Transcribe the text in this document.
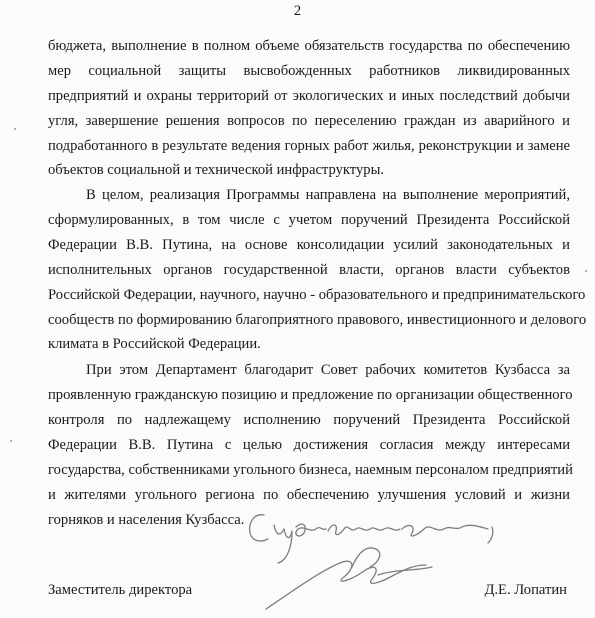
2
бюджета, выполнение в полном объеме обязательств государства по обеспечению
мер социальной защиты высвобожденных работников ликвидированных
предприятий и охраны территорий от экологических и иных последствий добычи
угля, завершение решения вопросов по переселению граждан из аварийного и
подработанного в результате ведения горных работ жилья, реконструкции и замене
объектов социальной и технической инфраструктуры.
В целом, реализация Программы направлена на выполнение мероприятий,
сформулированных, в том числе с учетом поручений Президента Российской
Федерации В.В. Путина, на основе консолидации усилий законодательных и
исполнительных органов государственной власти, органов власти субъектов
Российской Федерации, научного, научно - образовательного и предпринимательского
сообществ по формированию благоприятного правового, инвестиционного и делового
климата в Российской Федерации.
При этом Департамент благодарит Совет рабочих комитетов Кузбасса за
проявленную гражданскую позицию и предложение по организации общественного
контроля по надлежащему исполнению поручений Президента Российской
Федерации В.В. Путина с целью достижения согласия между интересами
государства, собственниками угольного бизнеса, наемным персоналом предприятий
и жителями угольного региона по обеспечению улучшения условий и жизни
горняков и населения Кузбасса.
Заместитель директора	Д.Е. Лопатин
